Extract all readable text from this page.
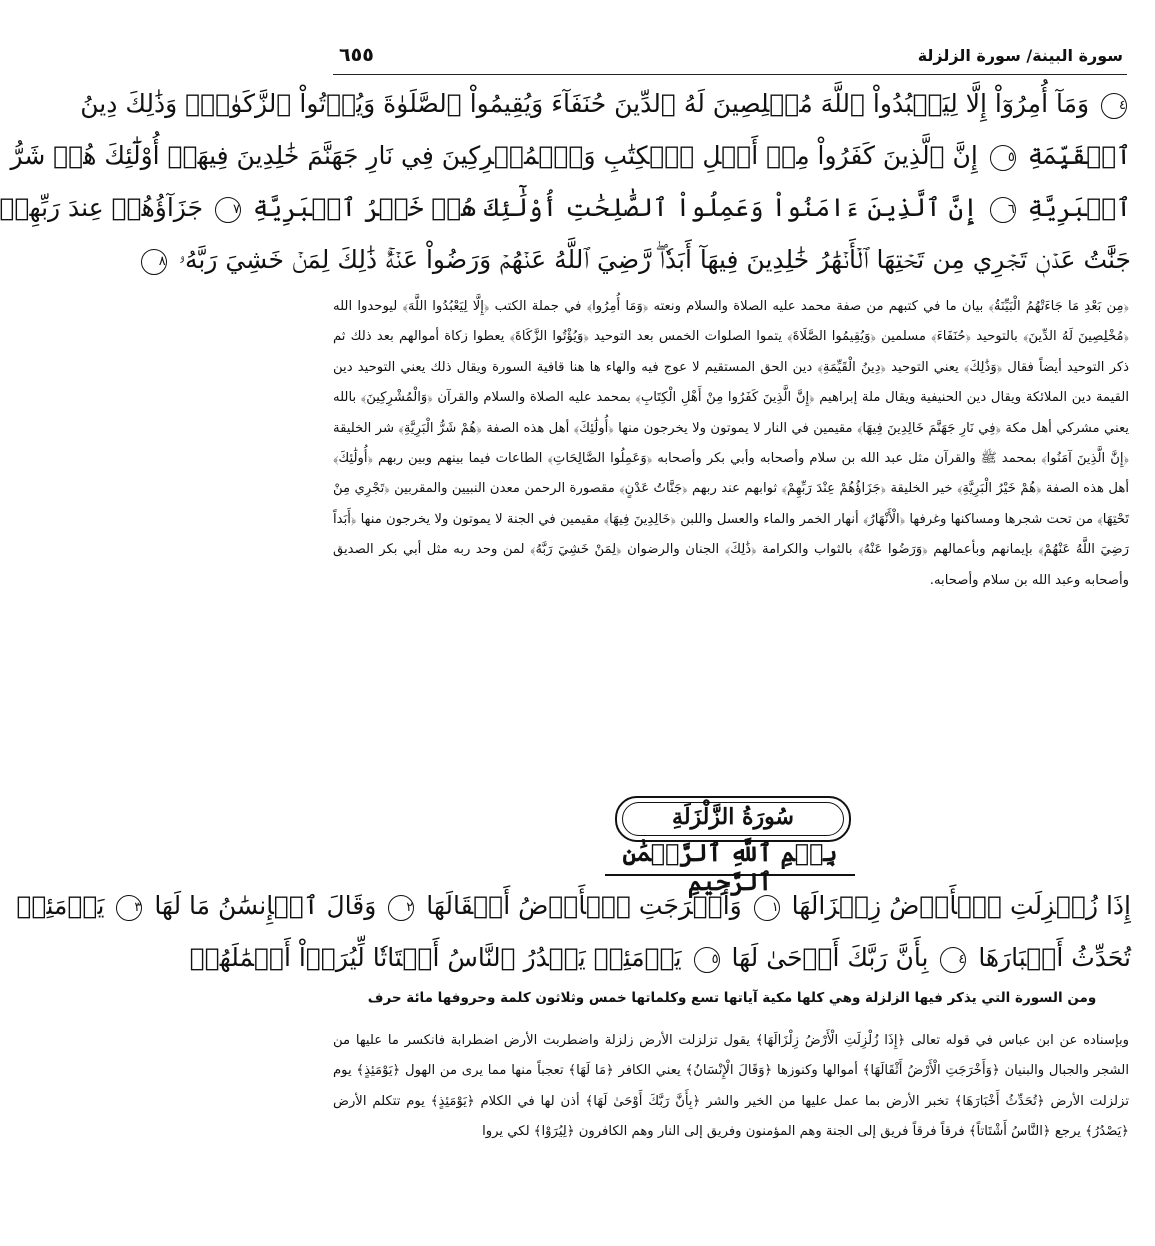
سورة البينة/ سورة الزلزلة
٦٥٥
٤ وَمَآ أُمِرُوٓاْ إِلَّا لِيَعۡبُدُواْ ٱللَّهَ مُخۡلِصِينَ لَهُ ٱلدِّينَ حُنَفَآءَ وَيُقِيمُواْ ٱلصَّلَوٰةَ وَيُؤۡتُواْ ٱلزَّكَوٰةَۚ وَذَٰلِكَ دِينُ
ٱلۡقَيِّمَةِ ٥ إِنَّ ٱلَّذِينَ كَفَرُواْ مِنۡ أَهۡلِ ٱلۡكِتَٰبِ وَٱلۡمُشۡرِكِينَ فِي نَارِ جَهَنَّمَ خَٰلِدِينَ فِيهَآۚ أُوْلَٰٓئِكَ هُمۡ شَرُّ
ٱلۡبَرِيَّةِ ٦ إِنَّ ٱلَّذِينَ ءَامَنُواْ وَعَمِلُواْ ٱلصَّٰلِحَٰتِ أُوْلَٰٓئِكَ هُمۡ خَيۡرُ ٱلۡبَرِيَّةِ ٧ جَزَآؤُهُمۡ عِندَ رَبِّهِمۡ
جَنَّٰتُ عَدۡنٖ تَجۡرِي مِن تَحۡتِهَا ٱلۡأَنۡهَٰرُ خَٰلِدِينَ فِيهَآ أَبَدٗاۖ رَّضِيَ ٱللَّهُ عَنۡهُمۡ وَرَضُواْ عَنۡهُۚ ذَٰلِكَ لِمَنۡ خَشِيَ رَبَّهُۥ ٨
﴿مِن بَعْدِ مَا جَاءَتْهُمُ الْبَيِّنَةُ﴾ بيان ما في كتبهم من صفة محمد عليه الصلاة والسلام ونعته ﴿وَمَا أُمِرُوا﴾ في جملة الكتب ﴿إِلَّا لِيَعْبُدُوا اللَّهَ﴾ ليوحدوا الله ﴿مُخْلِصِينَ لَهُ الدِّينَ﴾ بالتوحيد ﴿حُنَفَاءَ﴾ مسلمين ﴿وَيُقِيمُوا الصَّلَاةَ﴾ يتموا الصلوات الخمس بعد التوحيد ﴿وَيُؤْتُوا الزَّكَاةَ﴾ يعطوا زكاة أموالهم بعد ذلك ثم ذكر التوحيد أيضاً فقال ﴿وَذَٰلِكَ﴾ يعني التوحيد ﴿دِينُ الْقَيِّمَةِ﴾ دين الحق المستقيم لا عوج فيه والهاء ها هنا قافية السورة ويقال ذلك يعني التوحيد دين القيمة دين الملائكة ويقال دين الحنيفية ويقال ملة إبراهيم ﴿إِنَّ الَّذِينَ كَفَرُوا مِنْ أَهْلِ الْكِتَابِ﴾ بمحمد عليه الصلاة والسلام والقرآن ﴿وَالْمُشْرِكِينَ﴾ بالله يعني مشركي أهل مكة ﴿فِي نَارِ جَهَنَّمَ خَالِدِينَ فِيهَا﴾ مقيمين في النار لا يموتون ولا يخرجون منها ﴿أُولَٰئِكَ﴾ أهل هذه الصفة ﴿هُمْ شَرُّ الْبَرِيَّةِ﴾ شر الخليقة ﴿إِنَّ الَّذِينَ آمَنُوا﴾ بمحمد ﷺ والقرآن مثل عبد الله بن سلام وأصحابه وأبي بكر وأصحابه ﴿وَعَمِلُوا الصَّالِحَاتِ﴾ الطاعات فيما بينهم وبين ربهم ﴿أُولَٰئِكَ﴾ أهل هذه الصفة ﴿هُمْ خَيْرُ الْبَرِيَّةِ﴾ خير الخليقة ﴿جَزَاؤُهُمْ عِنْدَ رَبِّهِمْ﴾ ثوابهم عند ربهم ﴿جَنَّاتُ عَدْنٍ﴾ مقصورة الرحمن معدن النبيين والمقربين ﴿تَجْرِي مِنْ تَحْتِهَا﴾ من تحت شجرها ومساكنها وغرفها ﴿الْأَنْهَارُ﴾ أنهار الخمر والماء والعسل واللبن ﴿خَالِدِينَ فِيهَا﴾ مقيمين في الجنة لا يموتون ولا يخرجون منها ﴿أَبَداً رَضِيَ اللَّهُ عَنْهُمْ﴾ بإيمانهم وبأعمالهم ﴿وَرَضُوا عَنْهُ﴾ بالثواب والكرامة ﴿ذَٰلِكَ﴾ الجنان والرضوان ﴿لِمَنْ خَشِيَ رَبَّهُ﴾ لمن وحد ربه مثل أبي بكر الصديق وأصحابه وعبد الله بن سلام وأصحابه.
سُورَةُ الزَّلْزَلَةِ
بِسۡمِ ٱللَّهِ ٱلرَّحۡمَٰنِ ٱلرَّحِيمِ
إِذَا زُلۡزِلَتِ ٱلۡأَرۡضُ زِلۡزَالَهَا ١ وَأَخۡرَجَتِ ٱلۡأَرۡضُ أَثۡقَالَهَا ٢ وَقَالَ ٱلۡإِنسَٰنُ مَا لَهَا ٣ يَوۡمَئِذٖ
تُحَدِّثُ أَخۡبَارَهَا ٤ بِأَنَّ رَبَّكَ أَوۡحَىٰ لَهَا ٥ يَوۡمَئِذٖ يَصۡدُرُ ٱلنَّاسُ أَشۡتَاتٗا لِّيُرَوۡاْ أَعۡمَٰلَهُمۡ
ومن السورة التي يذكر فيها الزلزلة وهي كلها مكية آياتها تسع وكلماتها خمس وثلاثون كلمة وحروفها مائة حرف
وبإسناده عن ابن عباس في قوله تعالى ﴿إِذَا زُلْزِلَتِ الْأَرْضُ زِلْزَالَهَا﴾ يقول تزلزلت الأرض زلزلة واضطربت الأرض اضطرابة فانكسر ما عليها من الشجر والجبال والبنيان ﴿وَأَخْرَجَتِ الْأَرْضُ أَثْقَالَهَا﴾ أموالها وكنوزها ﴿وَقَالَ الْإِنْسَانُ﴾ يعني الكافر ﴿مَا لَهَا﴾ تعجباً منها مما يرى من الهول ﴿يَوْمَئِذٍ﴾ يوم تزلزلت الأرض ﴿تُحَدِّثُ أَخْبَارَهَا﴾ تخبر الأرض بما عمل عليها من الخير والشر ﴿بِأَنَّ رَبَّكَ أَوْحَىٰ لَهَا﴾ أذن لها في الكلام ﴿يَوْمَئِذٍ﴾ يوم تتكلم الأرض ﴿يَصْدُرُ﴾ يرجع ﴿النَّاسُ أَشْتَاتاً﴾ فرقاً فرقاً فريق إلى الجنة وهم المؤمنون وفريق إلى النار وهم الكافرون ﴿لِيُرَوْا﴾ لكي يروا
